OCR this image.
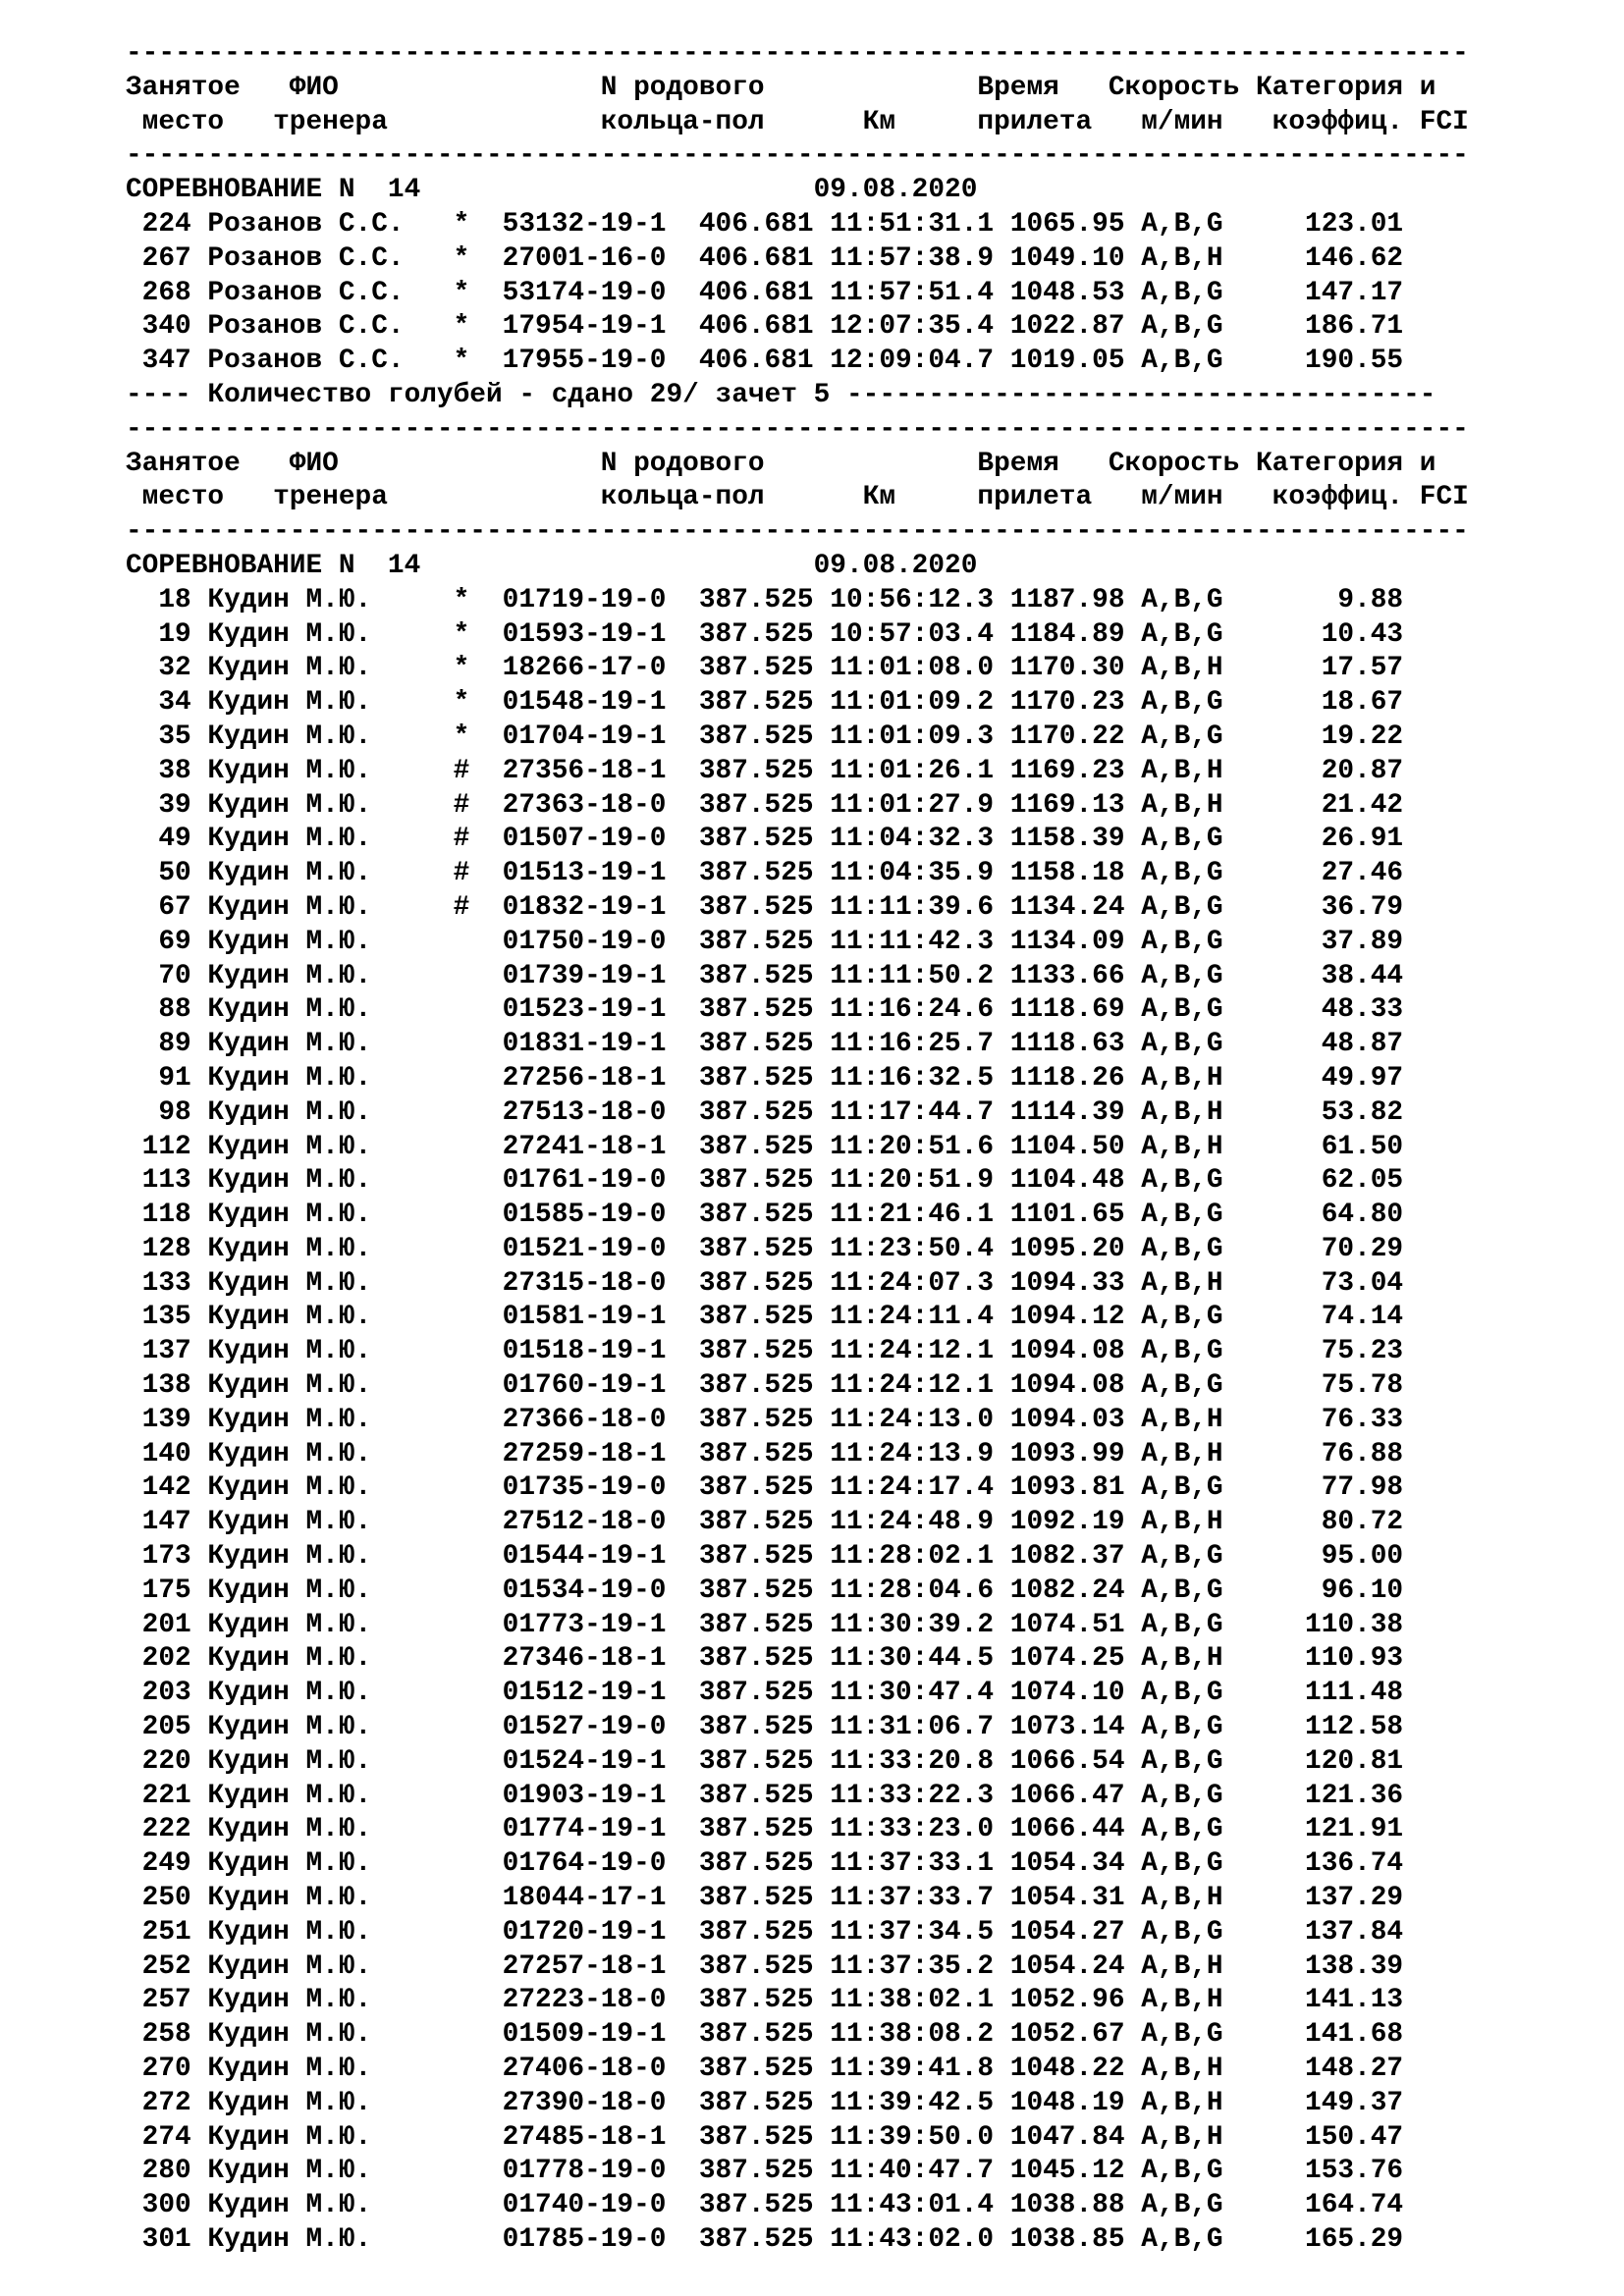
----------------------------------------------------------------------------------
Занятое   ФИО                N родового             Время   Скорость Категория и
место   тренера             кольца-пол      Км     прилета   м/мин   коэффиц. FCI
----------------------------------------------------------------------------------
СОРЕВНОВАНИЕ N  14                        09.08.2020
224 Розанов С.С.   *  53132-19-1  406.681 11:51:31.1 1065.95 A,B,G     123.01
267 Розанов С.С.   *  27001-16-0  406.681 11:57:38.9 1049.10 A,B,H     146.62
268 Розанов С.С.   *  53174-19-0  406.681 11:57:51.4 1048.53 A,B,G     147.17
340 Розанов С.С.   *  17954-19-1  406.681 12:07:35.4 1022.87 A,B,G     186.71
347 Розанов С.С.   *  17955-19-0  406.681 12:09:04.7 1019.05 A,B,G     190.55
---- Количество голубей - сдано 29/ зачет 5 ------------------------------------
----------------------------------------------------------------------------------
Занятое   ФИО                N родового             Время   Скорость Категория и
место   тренера             кольца-пол      Км     прилета   м/мин   коэффиц. FCI
----------------------------------------------------------------------------------
СОРЕВНОВАНИЕ N  14                        09.08.2020
18 Кудин М.Ю.     *  01719-19-0  387.525 10:56:12.3 1187.98 A,B,G       9.88
19 Кудин М.Ю.     *  01593-19-1  387.525 10:57:03.4 1184.89 A,B,G      10.43
32 Кудин М.Ю.     *  18266-17-0  387.525 11:01:08.0 1170.30 A,B,H      17.57
34 Кудин М.Ю.     *  01548-19-1  387.525 11:01:09.2 1170.23 A,B,G      18.67
35 Кудин М.Ю.     *  01704-19-1  387.525 11:01:09.3 1170.22 A,B,G      19.22
38 Кудин М.Ю.     #  27356-18-1  387.525 11:01:26.1 1169.23 A,B,H      20.87
39 Кудин М.Ю.     #  27363-18-0  387.525 11:01:27.9 1169.13 A,B,H      21.42
49 Кудин М.Ю.     #  01507-19-0  387.525 11:04:32.3 1158.39 A,B,G      26.91
50 Кудин М.Ю.     #  01513-19-1  387.525 11:04:35.9 1158.18 A,B,G      27.46
67 Кудин М.Ю.     #  01832-19-1  387.525 11:11:39.6 1134.24 A,B,G      36.79
69 Кудин М.Ю.        01750-19-0  387.525 11:11:42.3 1134.09 A,B,G      37.89
70 Кудин М.Ю.        01739-19-1  387.525 11:11:50.2 1133.66 A,B,G      38.44
88 Кудин М.Ю.        01523-19-1  387.525 11:16:24.6 1118.69 A,B,G      48.33
89 Кудин М.Ю.        01831-19-1  387.525 11:16:25.7 1118.63 A,B,G      48.87
91 Кудин М.Ю.        27256-18-1  387.525 11:16:32.5 1118.26 A,B,H      49.97
98 Кудин М.Ю.        27513-18-0  387.525 11:17:44.7 1114.39 A,B,H      53.82
112 Кудин М.Ю.        27241-18-1  387.525 11:20:51.6 1104.50 A,B,H      61.50
113 Кудин М.Ю.        01761-19-0  387.525 11:20:51.9 1104.48 A,B,G      62.05
118 Кудин М.Ю.        01585-19-0  387.525 11:21:46.1 1101.65 A,B,G      64.80
128 Кудин М.Ю.        01521-19-0  387.525 11:23:50.4 1095.20 A,B,G      70.29
133 Кудин М.Ю.        27315-18-0  387.525 11:24:07.3 1094.33 A,B,H      73.04
135 Кудин М.Ю.        01581-19-1  387.525 11:24:11.4 1094.12 A,B,G      74.14
137 Кудин М.Ю.        01518-19-1  387.525 11:24:12.1 1094.08 A,B,G      75.23
138 Кудин М.Ю.        01760-19-1  387.525 11:24:12.1 1094.08 A,B,G      75.78
139 Кудин М.Ю.        27366-18-0  387.525 11:24:13.0 1094.03 A,B,H      76.33
140 Кудин М.Ю.        27259-18-1  387.525 11:24:13.9 1093.99 A,B,H      76.88
142 Кудин М.Ю.        01735-19-0  387.525 11:24:17.4 1093.81 A,B,G      77.98
147 Кудин М.Ю.        27512-18-0  387.525 11:24:48.9 1092.19 A,B,H      80.72
173 Кудин М.Ю.        01544-19-1  387.525 11:28:02.1 1082.37 A,B,G      95.00
175 Кудин М.Ю.        01534-19-0  387.525 11:28:04.6 1082.24 A,B,G      96.10
201 Кудин М.Ю.        01773-19-1  387.525 11:30:39.2 1074.51 A,B,G     110.38
202 Кудин М.Ю.        27346-18-1  387.525 11:30:44.5 1074.25 A,B,H     110.93
203 Кудин М.Ю.        01512-19-1  387.525 11:30:47.4 1074.10 A,B,G     111.48
205 Кудин М.Ю.        01527-19-0  387.525 11:31:06.7 1073.14 A,B,G     112.58
220 Кудин М.Ю.        01524-19-1  387.525 11:33:20.8 1066.54 A,B,G     120.81
221 Кудин М.Ю.        01903-19-1  387.525 11:33:22.3 1066.47 A,B,G     121.36
222 Кудин М.Ю.        01774-19-1  387.525 11:33:23.0 1066.44 A,B,G     121.91
249 Кудин М.Ю.        01764-19-0  387.525 11:37:33.1 1054.34 A,B,G     136.74
250 Кудин М.Ю.        18044-17-1  387.525 11:37:33.7 1054.31 A,B,H     137.29
251 Кудин М.Ю.        01720-19-1  387.525 11:37:34.5 1054.27 A,B,G     137.84
252 Кудин М.Ю.        27257-18-1  387.525 11:37:35.2 1054.24 A,B,H     138.39
257 Кудин М.Ю.        27223-18-0  387.525 11:38:02.1 1052.96 A,B,H     141.13
258 Кудин М.Ю.        01509-19-1  387.525 11:38:08.2 1052.67 A,B,G     141.68
270 Кудин М.Ю.        27406-18-0  387.525 11:39:41.8 1048.22 A,B,H     148.27
272 Кудин М.Ю.        27390-18-0  387.525 11:39:42.5 1048.19 A,B,H     149.37
274 Кудин М.Ю.        27485-18-1  387.525 11:39:50.0 1047.84 A,B,H     150.47
280 Кудин М.Ю.        01778-19-0  387.525 11:40:47.7 1045.12 A,B,G     153.76
300 Кудин М.Ю.        01740-19-0  387.525 11:43:01.4 1038.88 A,B,G     164.74
301 Кудин М.Ю.        01785-19-0  387.525 11:43:02.0 1038.85 A,B,G     165.29
